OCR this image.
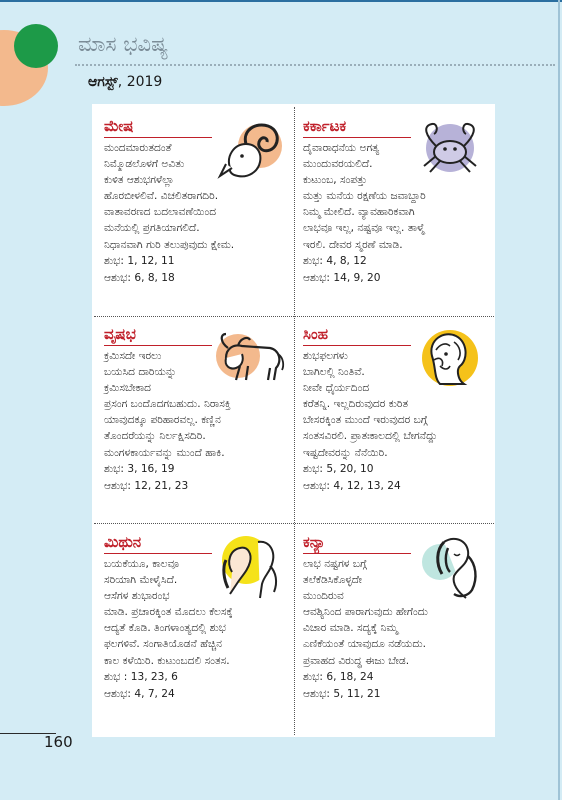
ಮಾಸ ಭವಿಷ್ಯ
ಆಗಸ್ಟ್, 2019
ಮೇಷ
ಮಂದಮಾರುತದಂತೆ
ನಿಮ್ಮೊಡಲೊಳಗೆ ಅವಿತು
ಕುಳಿತ ಆಶುಭಗಳೆಲ್ಲಾ
ಹೊರಬೀಳಲಿವೆ. ವಿಚಲಿತರಾಗದಿರಿ.
ವಾತಾವರಣದ ಬದಲಾವಣೆಯಿಂದ
ಮನೆಯಲ್ಲಿ ಪ್ರಗತಿಯಾಗಲಿದೆ.
ನಿಧಾನವಾಗಿ ಗುರಿ ತಲುಪುವುದು ಕ್ಷೇಮ.
ಶುಭ: 1, 12, 11
ಆಶುಭ: 6, 8, 18
ಕರ್ಕಾಟಕ
ದೈವಾರಾಧನೆಯ ಅಗತ್ಯ
ಮುಂದುವರಯಲಿದೆ.
ಕುಟುಂಬ, ಸಂಪತ್ತು
ಮತ್ತು ಮನೆಯ ರಕ್ಷಣೆಯ ಜವಾಬ್ದಾರಿ
ನಿಮ್ಮ ಮೇಲಿದೆ. ವ್ಯಾವಹಾರಿಕವಾಗಿ
ಲಾಭವೂ ಇಲ್ಲ, ನಷ್ಟವೂ ಇಲ್ಲ. ತಾಳ್ಮೆ
ಇರಲಿ. ದೇವರ ಸ್ಮರಣೆ ಮಾಡಿ.
ಶುಭ: 4, 8, 12
ಆಶುಭ: 14, 9, 20
ವೃಷಭ
ಕ್ರಮಿಸದೇ ಇರಲು
ಬಯಸಿದ ದಾರಿಯನ್ನು
ಕ್ರಮಿಸಬೇಕಾದ
ಪ್ರಸಂಗ ಬಂದೊದಗಬಹುದು. ನಿರಾಸಕ್ತಿ
ಯಾವುದಕ್ಕೂ ಪರಿಹಾರವಲ್ಲ. ಕಣ್ಣಿನ
ತೊಂದರೆಯನ್ನು ನಿರ್ಲಕ್ಷಿಸದಿರಿ.
ಮಂಗಳಕಾರ್ಯವನ್ನು ಮುಂದೆ ಹಾಕಿ.
ಶುಭ: 3, 16, 19
ಆಶುಭ: 12, 21, 23
ಸಿಂಹ
ಶುಭಫಲಗಳು
ಬಾಗಿಲಲ್ಲಿ ನಿಂತಿವೆ.
ನೀವೇ ಧೈರ್ಯದಿಂದ
ಕರೆತನ್ನಿ. ಇಲ್ಲದಿರುವುದರ ಕುರಿತ
ಬೇಸರಕ್ಕಿಂತ ಮುಂದೆ ಇರುವುದರ ಬಗ್ಗೆ
ಸಂತಸವಿರಲಿ. ಪ್ರಾತಃಕಾಲದಲ್ಲಿ ಬೇಗನೆದ್ದು
ಇಷ್ಟದೇವರನ್ನು ನೆನೆಯಿರಿ.
ಶುಭ: 5, 20, 10
ಆಶುಭ: 4, 12, 13, 24
ಮಿಥುನ
ಬಯಕೆಯೂ, ಕಾಲವೂ
ಸರಿಯಾಗಿ ಮೇಳೈಸಿದೆ.
ಆಸೆಗಳ ಶುಭಾರಂಭ
ಮಾಡಿ. ಪ್ರಚಾರಕ್ಕಿಂತ ಮೊದಲು ಕೆಲಸಕ್ಕೆ
ಆದ್ಯತೆ ಕೊಡಿ. ತಿಂಗಳಾಂತ್ಯದಲ್ಲಿ ಶುಭ
ಫಲಗಳಿವೆ. ಸಂಗಾತಿಯೊಡನೆ ಹೆಚ್ಚಿನ
ಕಾಲ ಕಳೆಯಿರಿ. ಕುಟುಂಬದಲಿ ಸಂತಸ.
ಶುಭ : 13, 23, 6
ಆಶುಭ: 4, 7, 24
ಕನ್ಯಾ
ಲಾಭ ನಷ್ಟಗಳ ಬಗ್ಗೆ
ತಲೆಕೆಡಿಸಿಕೊಳ್ಳದೇ
ಮುಂದಿರುವ
ಆವಶ್ಯಿನಿಂದ ಪಾರಾಗುವುದು ಹೇಗೆಂದು
ವಿಚಾರ ಮಾಡಿ. ಸದ್ಯಕ್ಕೆ ನಿಮ್ಮ
ಎಣಿಕೆಯಂತೆ ಯಾವುದೂ ನಡೆಯದು.
ಪ್ರವಾಹದ ವಿರುದ್ಧ ಈಜು ಬೇಡ.
ಶುಭ: 6, 18, 24
ಆಶುಭ: 5, 11, 21
160
